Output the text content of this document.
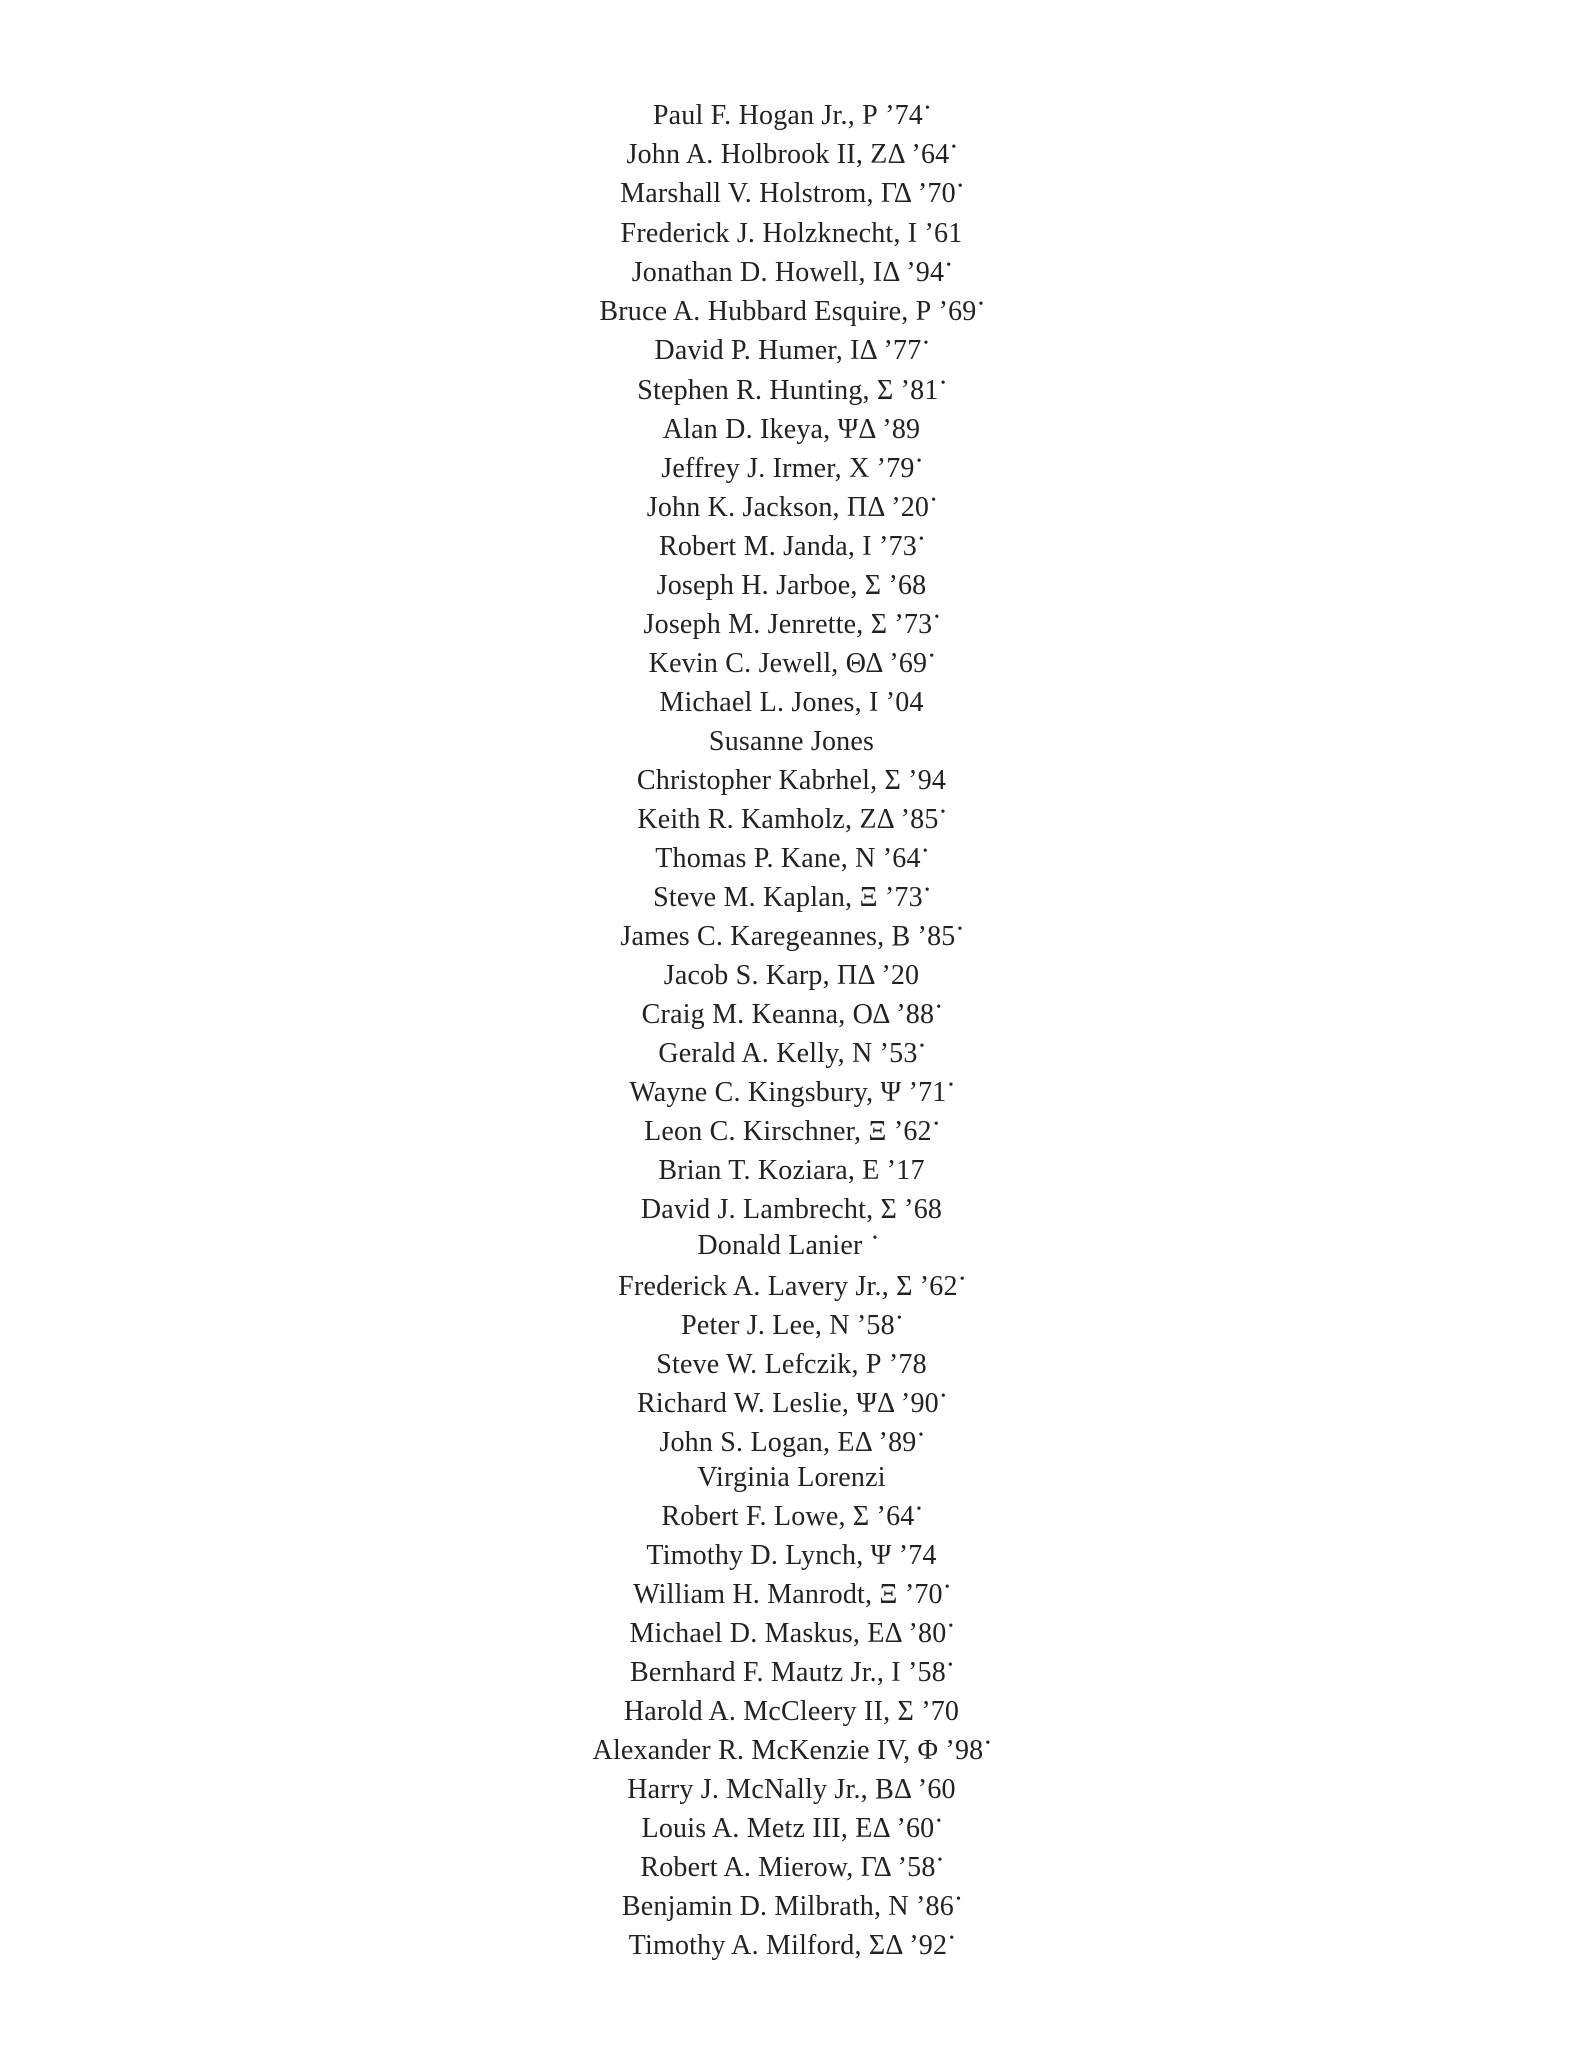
Paul F. Hogan Jr., Ρ ’74 •
John A. Holbrook II, ΖΔ ’64 •
Marshall V. Holstrom, ΓΔ ’70 •
Frederick J. Holzknecht, Ι ’61
Jonathan D. Howell, ΙΔ ’94 •
Bruce A. Hubbard Esquire, Ρ ’69 •
David P. Humer, ΙΔ ’77 •
Stephen R. Hunting, Σ ’81 •
Alan D. Ikeya, ΨΔ ’89
Jeffrey J. Irmer, Χ ’79 •
John K. Jackson, ΠΔ ’20 •
Robert M. Janda, Ι ’73 •
Joseph H. Jarboe, Σ ’68
Joseph M. Jenrette, Σ ’73 •
Kevin C. Jewell, ΘΔ ’69 •
Michael L. Jones, Ι ’04
Susanne Jones
Christopher Kabrhel, Σ ’94
Keith R. Kamholz, ΖΔ ’85 •
Thomas P. Kane, Ν ’64 •
Steve M. Kaplan, Ξ ’73 •
James C. Karegeannes, Β ’85 •
Jacob S. Karp, ΠΔ ’20
Craig M. Keanna, ΟΔ ’88 •
Gerald A. Kelly, Ν ’53 •
Wayne C. Kingsbury, Ψ ’71 •
Leon C. Kirschner, Ξ ’62 •
Brian T. Koziara, Ε ’17
David J. Lambrecht, Σ ’68
Donald Lanier •
Frederick A. Lavery Jr., Σ ’62 •
Peter J. Lee, Ν ’58 •
Steve W. Lefczik, Ρ ’78
Richard W. Leslie, ΨΔ ’90 •
John S. Logan, ΕΔ ’89 •
Virginia Lorenzi
Robert F. Lowe, Σ ’64 •
Timothy D. Lynch, Ψ ’74
William H. Manrodt, Ξ ’70 •
Michael D. Maskus, ΕΔ ’80 •
Bernhard F. Mautz Jr., Ι ’58 •
Harold A. McCleery II, Σ ’70
Alexander R. McKenzie IV, Φ ’98 •
Harry J. McNally Jr., ΒΔ ’60
Louis A. Metz III, ΕΔ ’60 •
Robert A. Mierow, ΓΔ ’58 •
Benjamin D. Milbrath, Ν ’86 •
Timothy A. Milford, ΣΔ ’92 •
